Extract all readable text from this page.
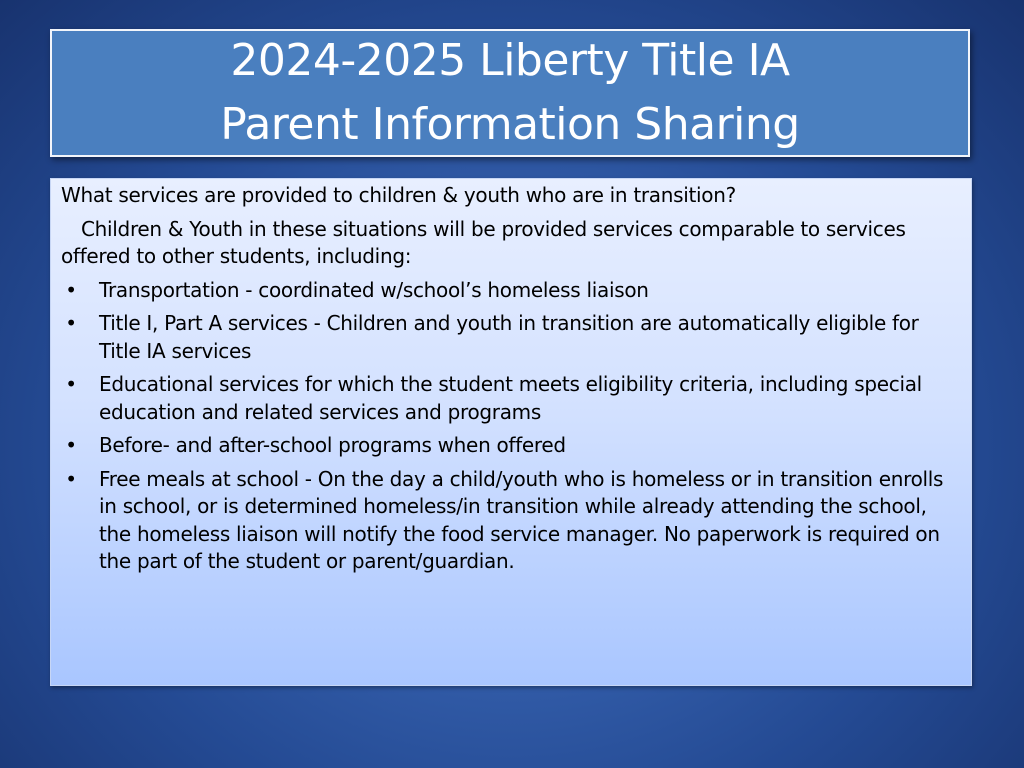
2024-2025 Liberty Title IA
Parent Information Sharing

What services are provided to children & youth who are in transition?

Children & Youth in these situations will be provided services comparable to services offered to other students, including:

• Transportation - coordinated w/school’s homeless liaison
• Title I, Part A services - Children and youth in transition are automatically eligible for Title IA services
• Educational services for which the student meets eligibility criteria, including special education and related services and programs
• Before- and after-school programs when offered
• Free meals at school - On the day a child/youth who is homeless or in transition enrolls in school, or is determined homeless/in transition while already attending the school, the homeless liaison will notify the food service manager. No paperwork is required on the part of the student or parent/guardian.
